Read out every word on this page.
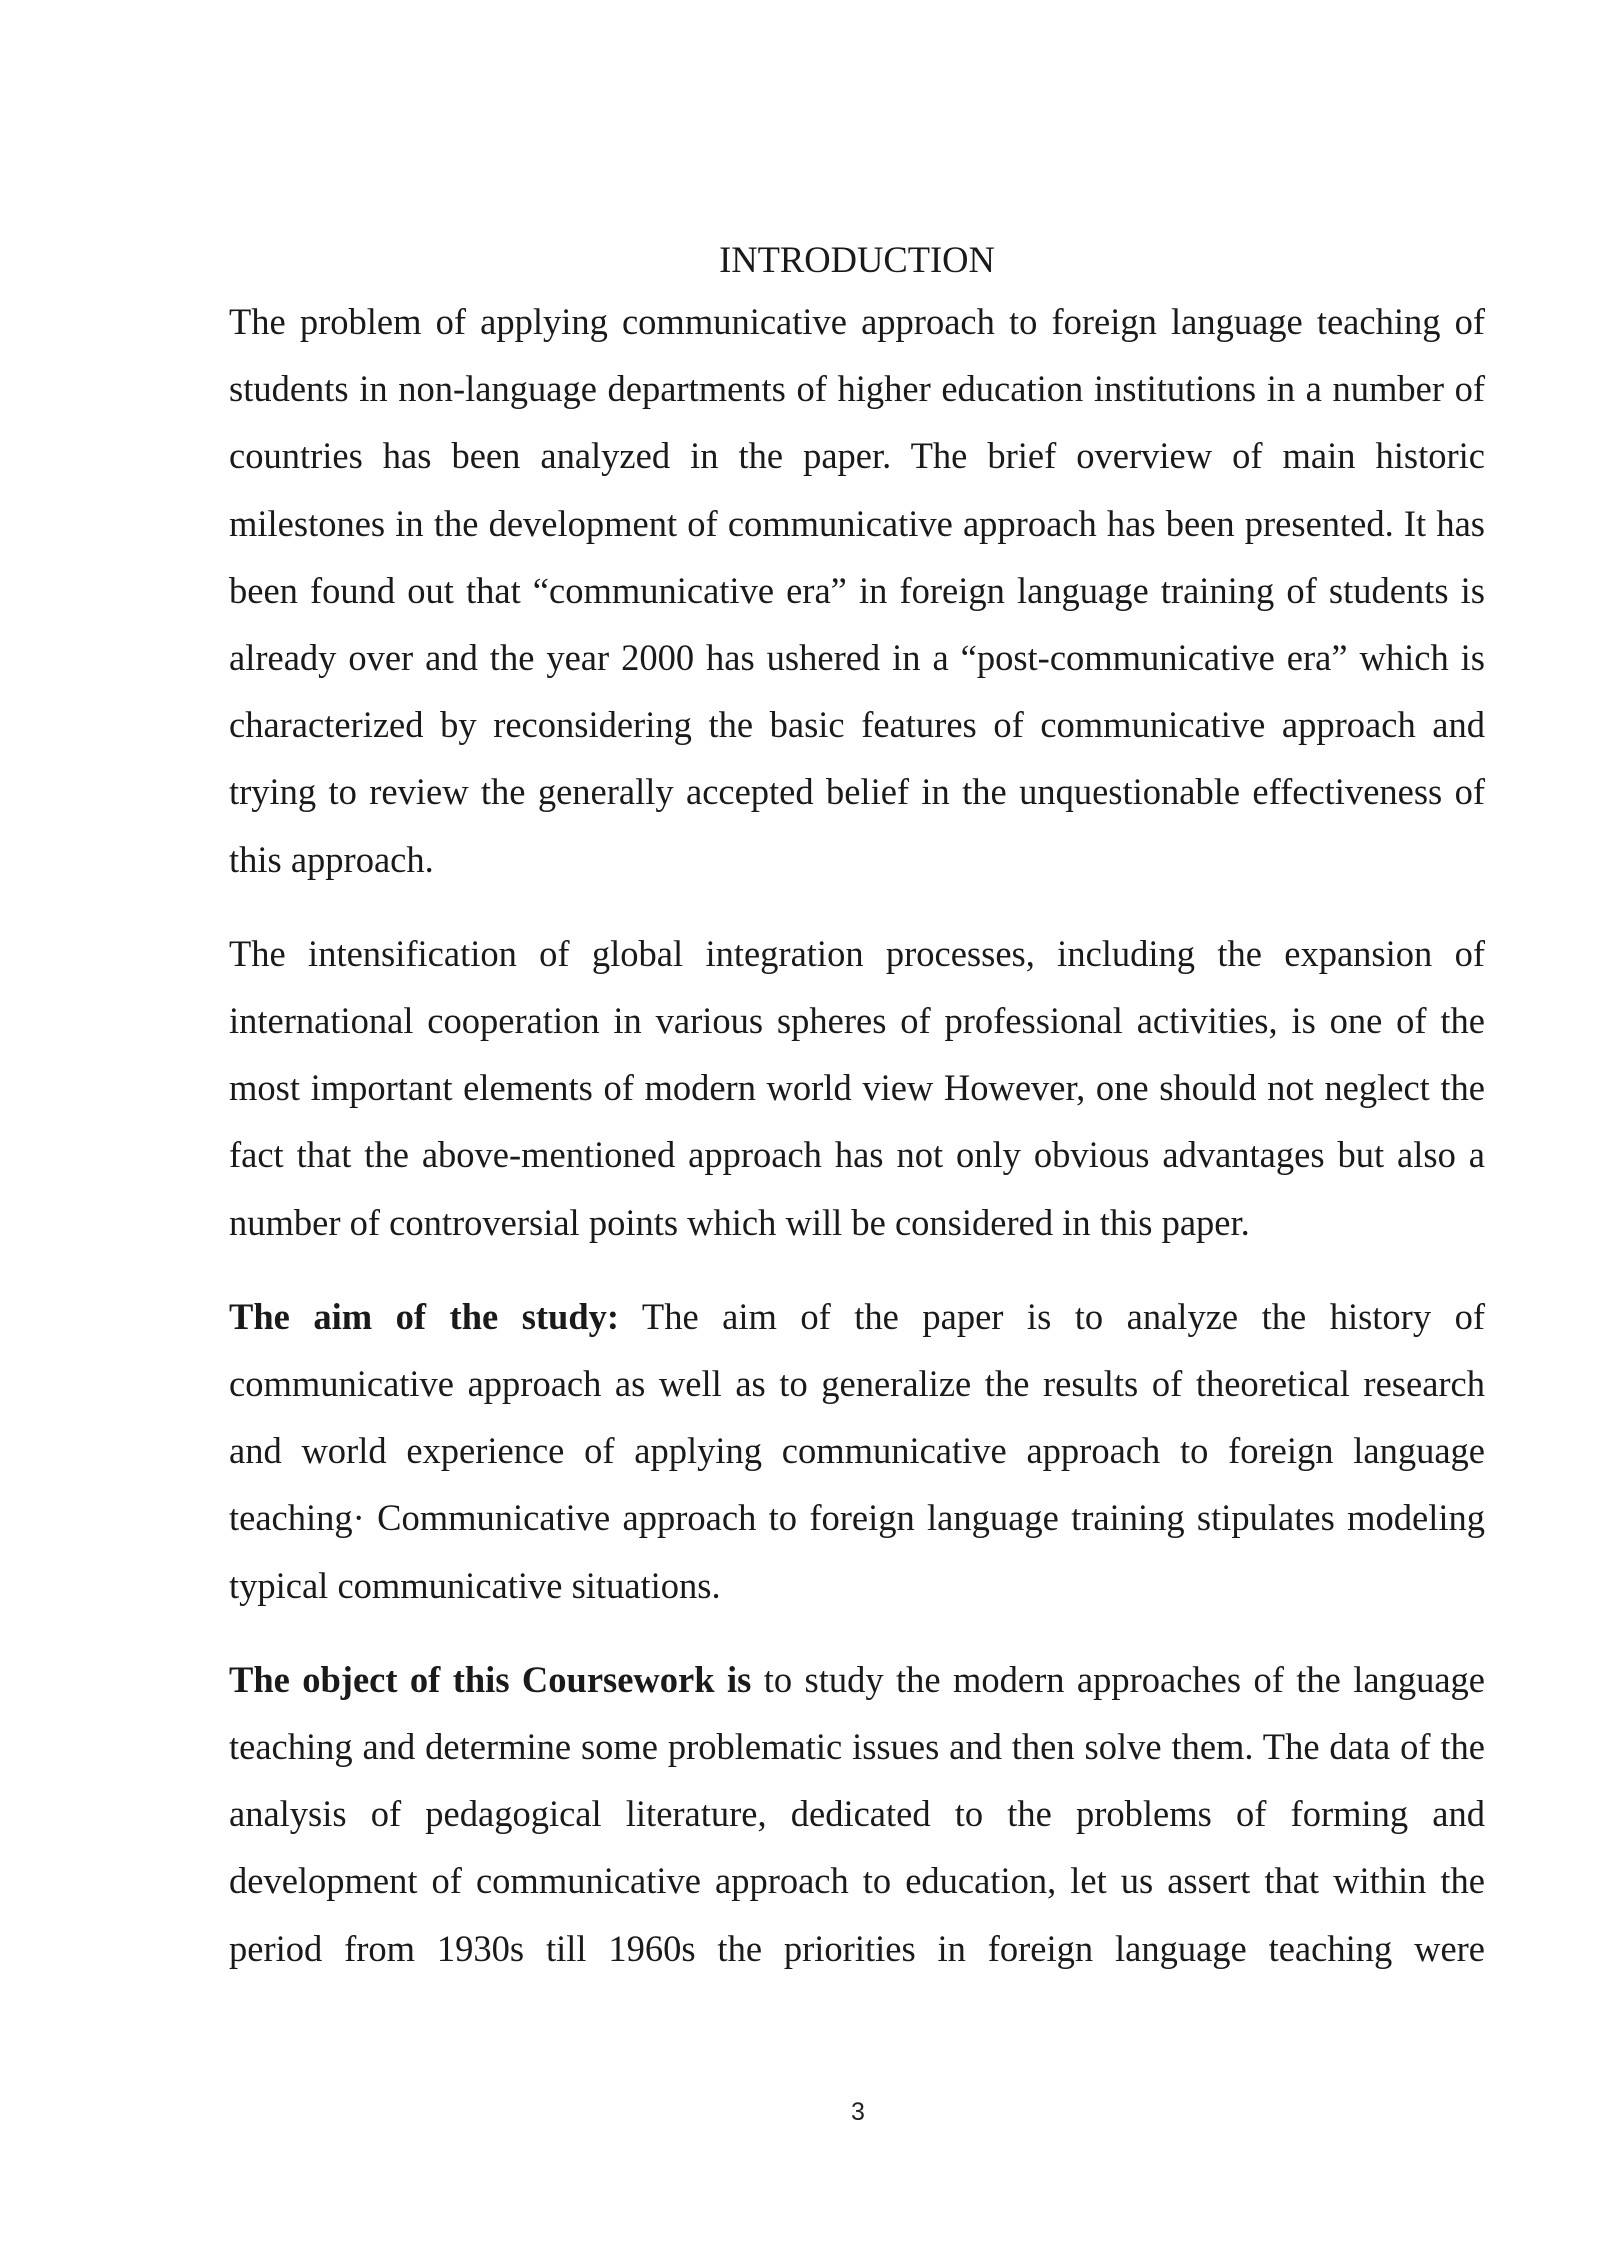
INTRODUCTION

The problem of applying communicative approach to foreign language teaching of students in non-language departments of higher education institutions in a number of countries has been analyzed in the paper. The brief overview of main historic milestones in the development of communicative approach has been presented. It has been found out that “communicative era” in foreign language training of students is already over and the year 2000 has ushered in a “post-communicative era” which is characterized by reconsidering the basic features of communicative approach and trying to review the generally accepted belief in the unquestionable effectiveness of this approach.

The intensification of global integration processes, including the expansion of international cooperation in various spheres of professional activities, is one of the most important elements of modern world view However, one should not neglect the fact that the above-mentioned approach has not only obvious advantages but also a number of controversial points which will be considered in this paper.

The aim of the study: The aim of the paper is to analyze the history of communicative approach as well as to generalize the results of theoretical research and world experience of applying communicative approach to foreign language teaching· Communicative approach to foreign language training stipulates modeling typical communicative situations.

The object of this Coursework is to study the modern approaches of the language teaching and determine some problematic issues and then solve them. The data of the analysis of pedagogical literature, dedicated to the problems of forming and development of communicative approach to education, let us assert that within the period from 1930s till 1960s the priorities in foreign language teaching were

3
